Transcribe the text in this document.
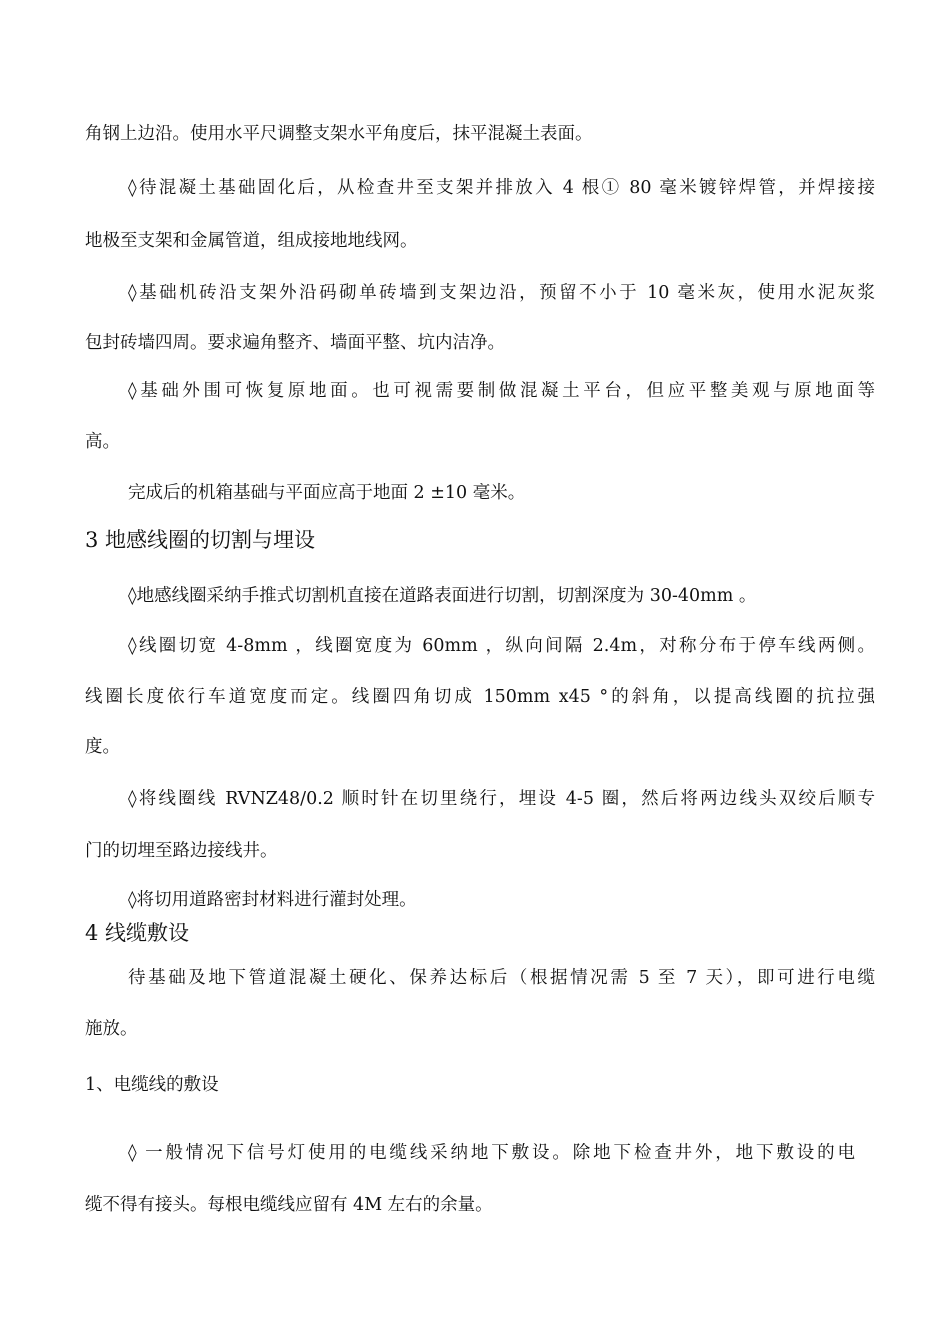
角钢上边沿。使用水平尺调整支架水平角度后，抹平混凝土表面。
◊待混凝土基础固化后，从检查井至支架并排放入 4 根① 80 毫米镀锌焊管，并焊接接
地极至支架和金属管道，组成接地地线网。
◊基础机砖沿支架外沿码砌单砖墙到支架边沿，预留不小于 10 毫米灰，使用水泥灰浆
包封砖墙四周。要求遍角整齐、墙面平整、坑内洁净。
◊基础外围可恢复原地面。也可视需要制做混凝土平台，但应平整美观与原地面等
高。
完成后的机箱基础与平面应高于地面 2 ±10 毫米。
3 地感线圈的切割与埋设
◊地感线圈采纳手推式切割机直接在道路表面进行切割，切割深度为 30-40mm 。
◊线圈切宽 4-8mm ，线圈宽度为 60mm ，纵向间隔 2.4m，对称分布于停车线两侧。
线圈长度依行车道宽度而定。线圈四角切成 150mm x45 °的斜角，以提高线圈的抗拉强
度。
◊将线圈线 RVNZ48/0.2 顺时针在切里绕行，埋设 4-5 圈，然后将两边线头双绞后顺专
门的切埋至路边接线井。
◊将切用道路密封材料进行灌封处理。
4 线缆敷设
待基础及地下管道混凝土硬化、保养达标后（根据情况需 5 至 7 天），即可进行电缆
施放。
1、电缆线的敷设
◊ 一般情况下信号灯使用的电缆线采纳地下敷设。除地下检查井外，地下敷设的电
缆不得有接头。每根电缆线应留有 4M 左右的余量。
